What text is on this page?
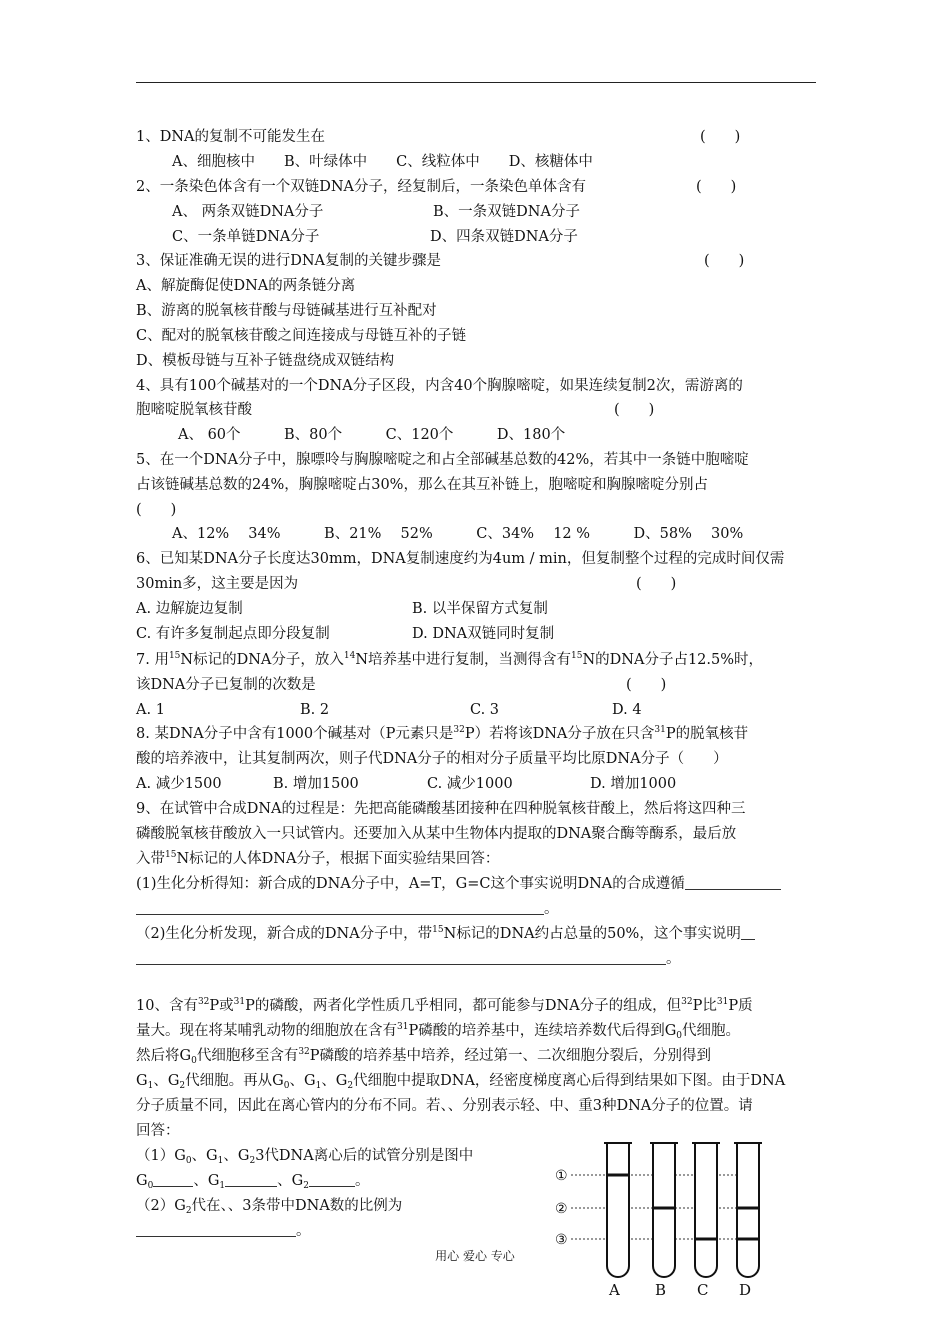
1、DNA的复制不可能发生在	(　　)
A、细胞核中　　B、叶绿体中　　C、线粒体中　　D、核糖体中
2、一条染色体含有一个双链DNA分子，经复制后，一条染色单体含有	(　　)
A、 两条双链DNA分子	B、一条双链DNA分子
C、一条单链DNA分子	D、四条双链DNA分子
3、保证准确无误的进行DNA复制的关键步骤是	(　　)
A、解旋酶促使DNA的两条链分离
B、游离的脱氧核苷酸与母链碱基进行互补配对
C、配对的脱氧核苷酸之间连接成与母链互补的子链
D、模板母链与互补子链盘绕成双链结构
4、具有100个碱基对的一个DNA分子区段，内含40个胸腺嘧啶，如果连续复制2次，需游离的
胞嘧啶脱氧核苷酸	(　　)
A、 60个　　　B、80个　　　C、120个　　　D、180个
5、在一个DNA分子中，腺嘌呤与胸腺嘧啶之和占全部碱基总数的42%，若其中一条链中胞嘧啶
占该链碱基总数的24%，胸腺嘧啶占30%，那么在其互补链上，胞嘧啶和胸腺嘧啶分别占
(　　)
A、12%　 34%　　　B、21%　 52%　　　C、34%　 12 %　　　D、58%　 30%
6、已知某DNA分子长度达30mm，DNA复制速度约为4um / min，但复制整个过程的完成时间仅需
30min多，这主要是因为	(　　)
A. 边解旋边复制	B. 以半保留方式复制
C. 有许多复制起点即分段复制	D. DNA双链同时复制
7. 用$^{15}$N标记的DNA分子，放入$^{14}$N培养基中进行复制，当测得含有$^{15}$N的DNA分子占12.5%时，
该DNA分子已复制的次数是	(　　)
A. 1	B. 2	C. 3	D. 4
8. 某DNA分子中含有1000个碱基对（P元素只是$^{32}$P）若将该DNA分子放在只含$^{31}$P的脱氧核苷
酸的培养液中，让其复制两次，则子代DNA分子的相对分子质量平均比原DNA分子（　　）
A. 减少1500	B. 增加1500	C. 减少1000	D. 增加1000
9、在试管中合成DNA的过程是：先把高能磷酸基团接种在四种脱氧核苷酸上，然后将这四种三
磷酸脱氧核苷酸放入一只试管内。还要加入从某中生物体内提取的DNA聚合酶等酶系，最后放
入带$^{15}$N标记的人体DNA分子，根据下面实验结果回答：
(1)生化分析得知：新合成的DNA分子中，A=T，G=C这个事实说明DNA的合成遵循
。
（2)生化分析发现，新合成的DNA分子中，带$^{15}$N标记的DNA约占总量的50%，这个事实说明
。
10、含有$^{32}$P或$^{31}$P的磷酸，两者化学性质几乎相同，都可能参与DNA分子的组成，但$^{32}$P比$^{31}$P质
量大。现在将某哺乳动物的细胞放在含有$^{31}$P磷酸的培养基中，连续培养数代后得到$G_0$代细胞。
然后将$G_0$代细胞移至含有$^{32}$P磷酸的培养基中培养，经过第一、二次细胞分裂后，分别得到
$G_1$、$G_2$代细胞。再从$G_0$、$G_1$、$G_2$代细胞中提取DNA，经密度梯度离心后得到结果如下图。由于DNA
分子质量不同，因此在离心管内的分布不同。若、、分别表示轻、中、重3种DNA分子的位置。请
回答：
$(1)G_0$、$G_1$、$G_23$代DNA离心后的试管分别是图中
$G_0$	、$G_1$	、$G_2$	。
$(2)G_2$代在、、3条带中DNA数的比例为
。
①
②
③
A B C D
用心 爱心 专心
